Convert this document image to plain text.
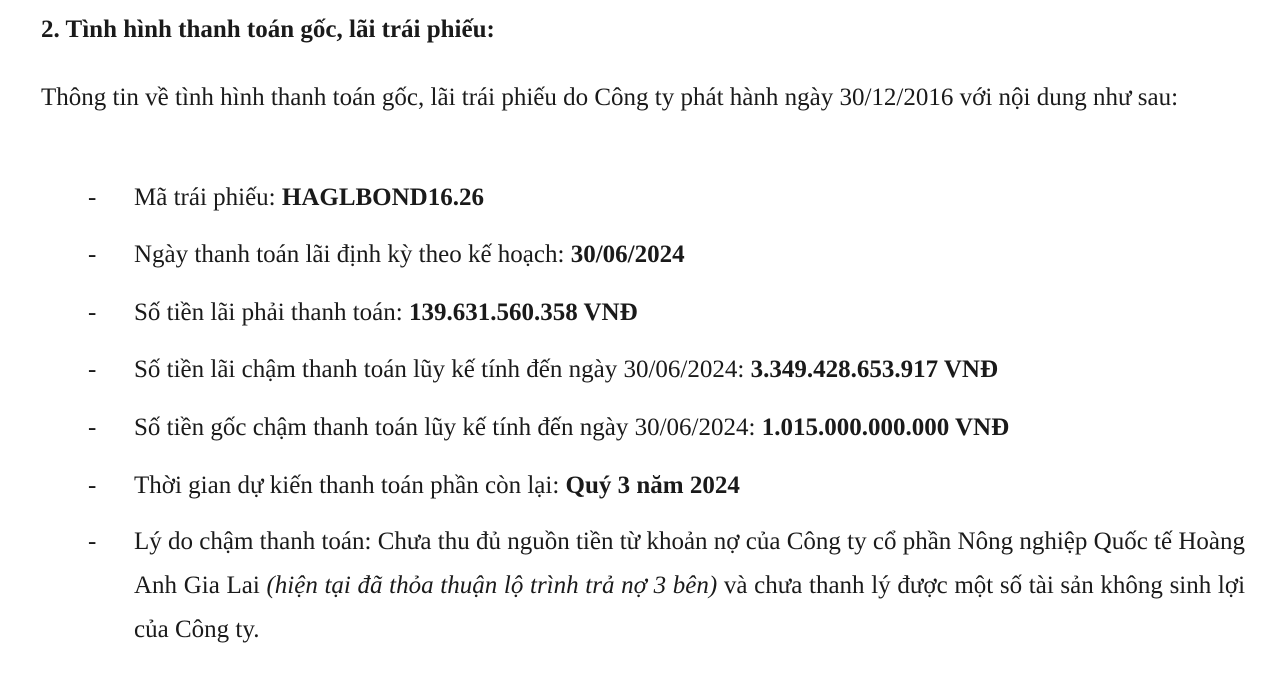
2. Tình hình thanh toán gốc, lãi trái phiếu:
Thông tin về tình hình thanh toán gốc, lãi trái phiếu do Công ty phát hành ngày 30/12/2016 với nội dung như sau:
- Mã trái phiếu: HAGLBOND16.26
- Ngày thanh toán lãi định kỳ theo kế hoạch: 30/06/2024
- Số tiền lãi phải thanh toán: 139.631.560.358 VNĐ
- Số tiền lãi chậm thanh toán lũy kế tính đến ngày 30/06/2024: 3.349.428.653.917 VNĐ
- Số tiền gốc chậm thanh toán lũy kế tính đến ngày 30/06/2024: 1.015.000.000.000 VNĐ
- Thời gian dự kiến thanh toán phần còn lại: Quý 3 năm 2024
- Lý do chậm thanh toán: Chưa thu đủ nguồn tiền từ khoản nợ của Công ty cổ phần Nông nghiệp Quốc tế Hoàng Anh Gia Lai (hiện tại đã thỏa thuận lộ trình trả nợ 3 bên) và chưa thanh lý được một số tài sản không sinh lợi của Công ty.
